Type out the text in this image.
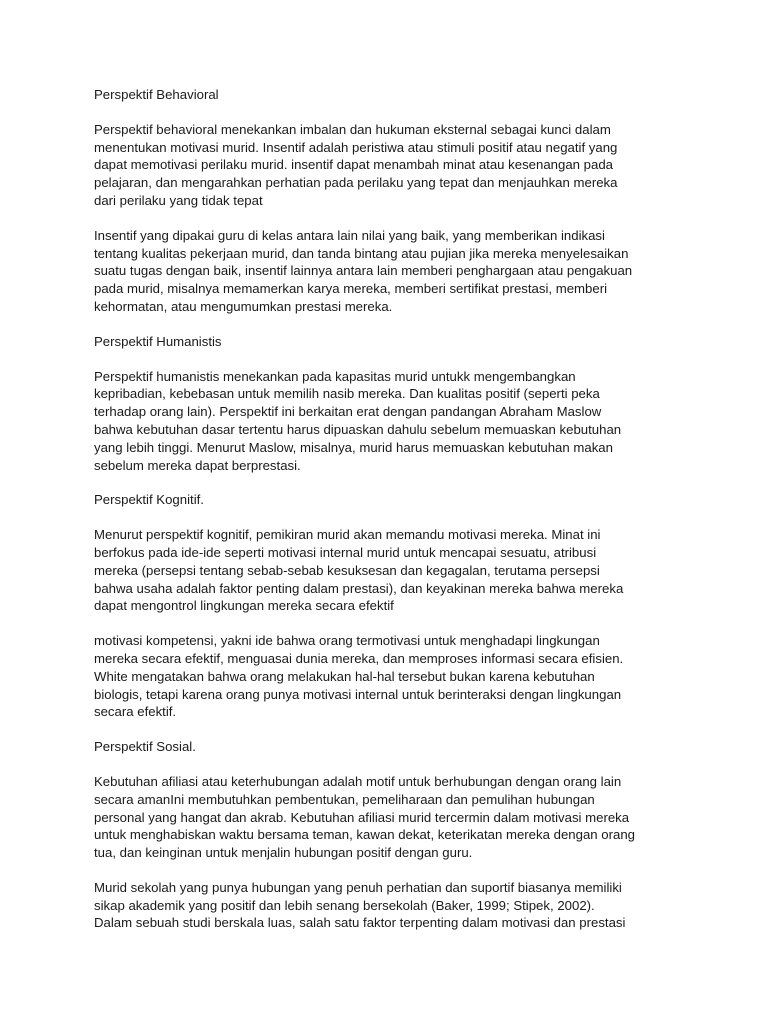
Perspektif Behavioral

Perspektif behavioral menekankan imbalan dan hukuman eksternal sebagai kunci dalam
menentukan motivasi murid. Insentif adalah peristiwa atau stimuli positif atau negatif yang
dapat memotivasi perilaku murid. insentif dapat menambah minat atau kesenangan pada
pelajaran, dan mengarahkan perhatian pada perilaku yang tepat dan menjauhkan mereka
dari perilaku yang tidak tepat

Insentif yang dipakai guru di kelas antara lain nilai yang baik, yang memberikan indikasi
tentang kualitas pekerjaan murid, dan tanda bintang atau pujian jika mereka menyelesaikan
suatu tugas dengan baik, insentif lainnya antara lain memberi penghargaan atau pengakuan
pada murid, misalnya memamerkan karya mereka, memberi sertifikat prestasi, memberi
kehormatan, atau mengumumkan prestasi mereka.

Perspektif Humanistis

Perspektif humanistis menekankan pada kapasitas murid untukk mengembangkan
kepribadian, kebebasan untuk memilih nasib mereka. Dan kualitas positif (seperti peka
terhadap orang lain). Perspektif ini berkaitan erat dengan pandangan Abraham Maslow
bahwa kebutuhan dasar tertentu harus dipuaskan dahulu sebelum memuaskan kebutuhan
yang lebih tinggi. Menurut Maslow, misalnya, murid harus memuaskan kebutuhan makan
sebelum mereka dapat berprestasi.

Perspektif Kognitif.

Menurut perspektif kognitif, pemikiran murid akan memandu motivasi mereka. Minat ini
berfokus pada ide-ide seperti motivasi internal murid untuk mencapai sesuatu, atribusi
mereka (persepsi tentang sebab-sebab kesuksesan dan kegagalan, terutama persepsi
bahwa usaha adalah faktor penting dalam prestasi), dan keyakinan mereka bahwa mereka
dapat mengontrol lingkungan mereka secara efektif

motivasi kompetensi, yakni ide bahwa orang termotivasi untuk menghadapi lingkungan
mereka secara efektif, menguasai dunia mereka, dan memproses informasi secara efisien.
White mengatakan bahwa orang melakukan hal-hal tersebut bukan karena kebutuhan
biologis, tetapi karena orang punya motivasi internal untuk berinteraksi dengan lingkungan
secara efektif.

Perspektif Sosial.

Kebutuhan afiliasi atau keterhubungan adalah motif untuk berhubungan dengan orang lain
secara amanIni membutuhkan pembentukan, pemeliharaan dan pemulihan hubungan
personal yang hangat dan akrab. Kebutuhan afiliasi murid tercermin dalam motivasi mereka
untuk menghabiskan waktu bersama teman, kawan dekat, keterikatan mereka dengan orang
tua, dan keinginan untuk menjalin hubungan positif dengan guru.

Murid sekolah yang punya hubungan yang penuh perhatian dan suportif biasanya memiliki
sikap akademik yang positif dan lebih senang bersekolah (Baker, 1999; Stipek, 2002).
Dalam sebuah studi berskala luas, salah satu faktor terpenting dalam motivasi dan prestasi
